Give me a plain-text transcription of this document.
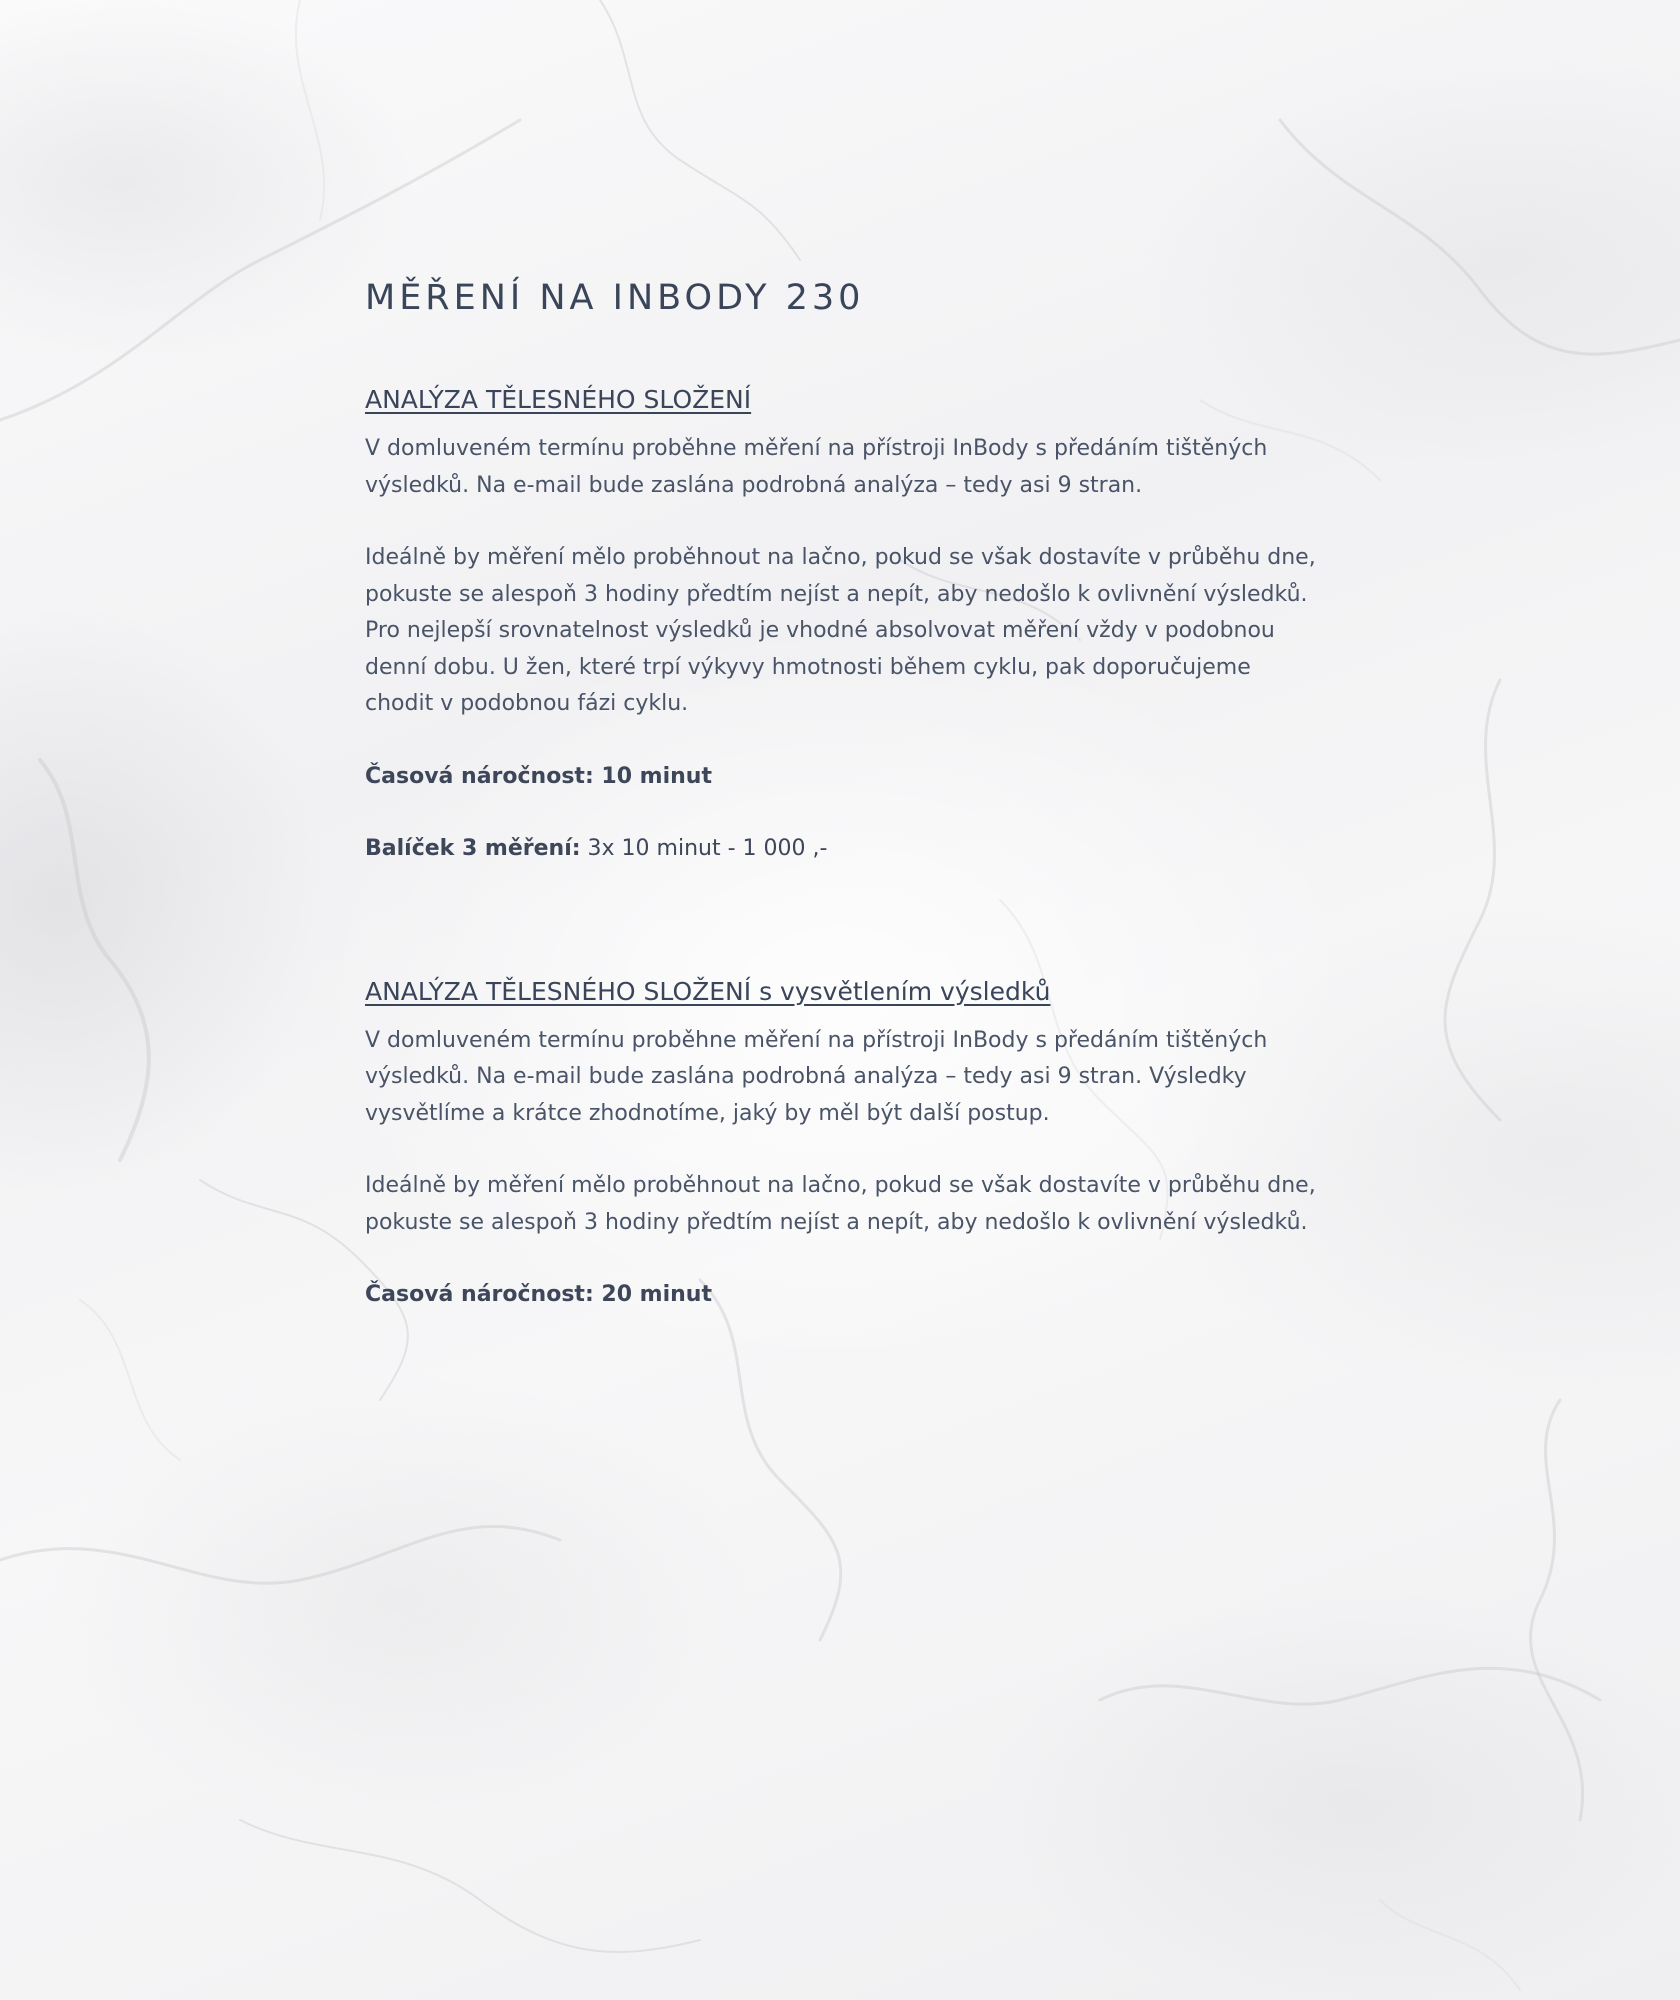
MĚŘENÍ NA INBODY 230
ANALÝZA TĚLESNÉHO SLOŽENÍ

V domluveném termínu proběhne měření na přístroji InBody s předáním tištěných výsledků. Na e-mail bude zaslána podrobná analýza – tedy asi 9 stran.

Ideálně by měření mělo proběhnout na lačno, pokud se však dostavíte v průběhu dne, pokuste se alespoň 3 hodiny předtím nejíst a nepít, aby nedošlo k ovlivnění výsledků. Pro nejlepší srovnatelnost výsledků je vhodné absolvovat měření vždy v podobnou denní dobu. U žen, které trpí výkyvy hmotnosti během cyklu, pak doporučujeme chodit v podobnou fázi cyklu.

Časová náročnost: 10 minut

Balíček 3 měření: 3x 10 minut - 1 000 ,-

ANALÝZA TĚLESNÉHO SLOŽENÍ s vysvětlením výsledků

V domluveném termínu proběhne měření na přístroji InBody s předáním tištěných výsledků. Na e-mail bude zaslána podrobná analýza – tedy asi 9 stran. Výsledky vysvětlíme a krátce zhodnotíme, jaký by měl být další postup.

Ideálně by měření mělo proběhnout na lačno, pokud se však dostavíte v průběhu dne, pokuste se alespoň 3 hodiny předtím nejíst a nepít, aby nedošlo k ovlivnění výsledků.

Časová náročnost: 20 minut
